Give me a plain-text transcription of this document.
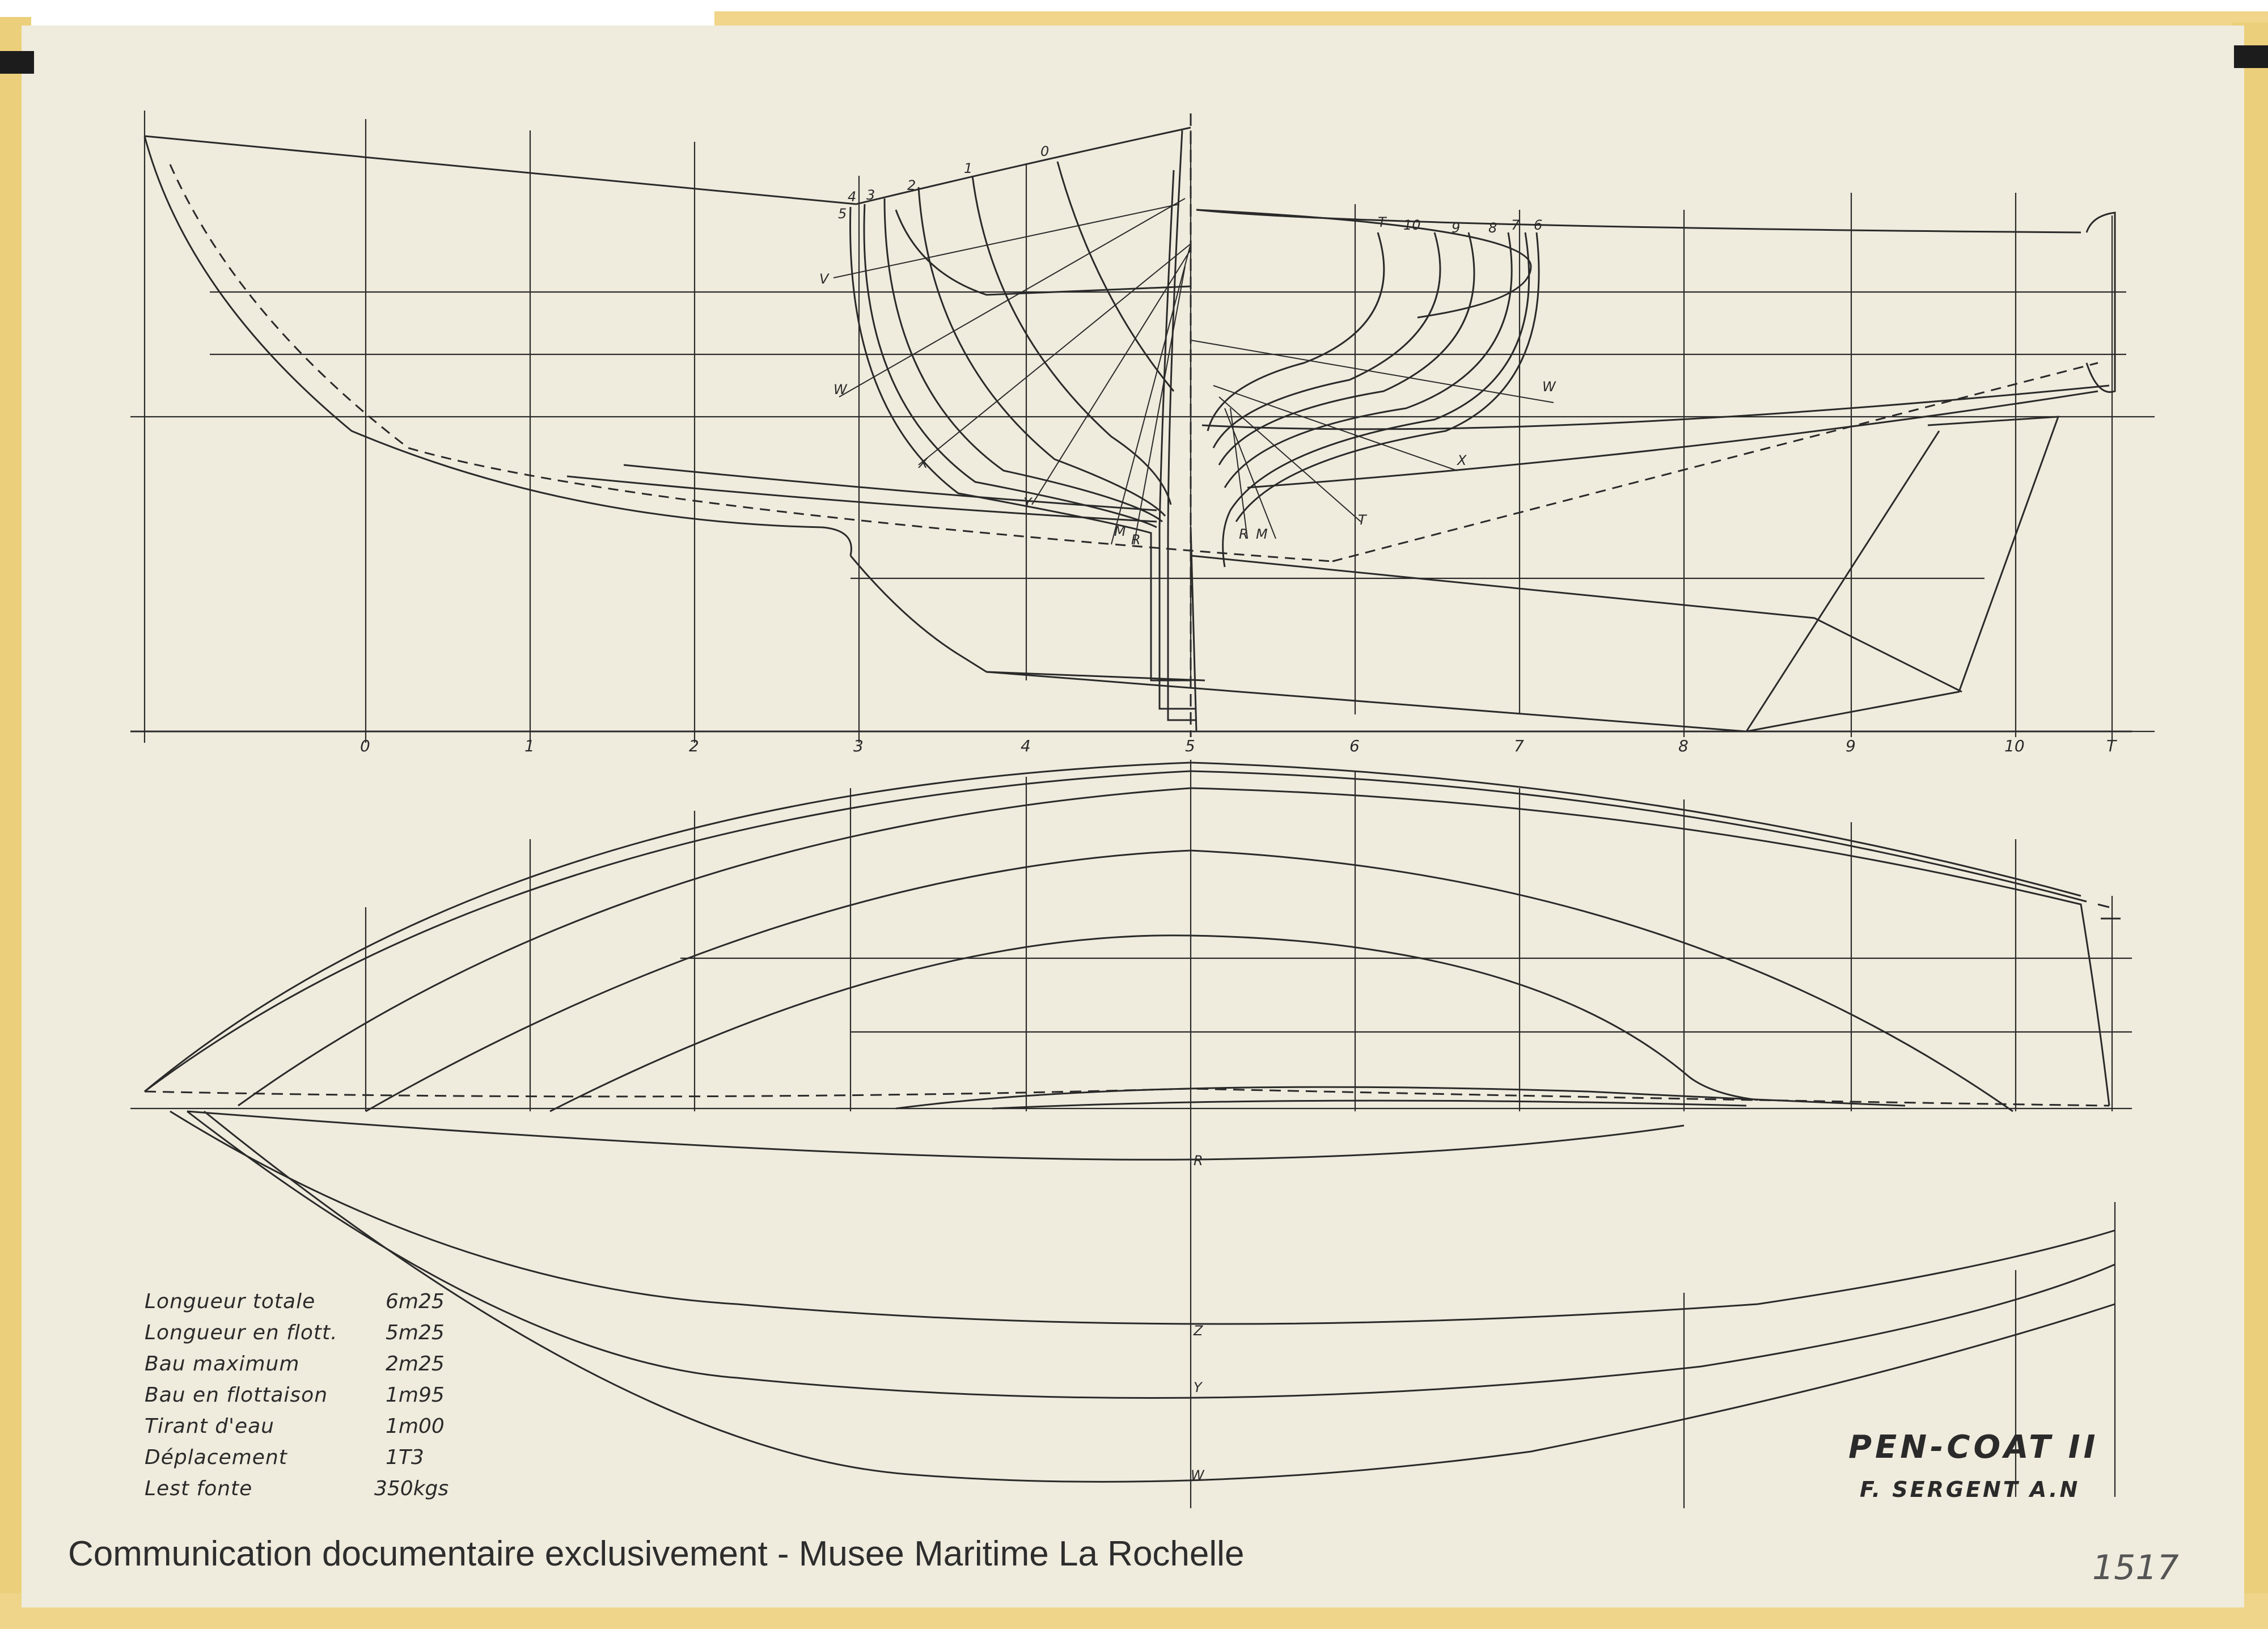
0	1	2	3	4	5	6	7	8	9	10	T
5
4 3
2
1
0
T 10 9 8 7 6
V
W
X
Y
M
R	R M
T
X
W
R
Z
Y
W
Longueur totale	6m25
Longueur en flott. 5m25
Bau maximum	2m25
Bau en flottaison	1m95
Tirant d'eau	1m00
Déplacement	1T3
Lest fonte	350kgs
PEN-COAT II
F. SERGENT A.N
Communication documentaire exclusivement - Musee Maritime La Rochelle	1517
